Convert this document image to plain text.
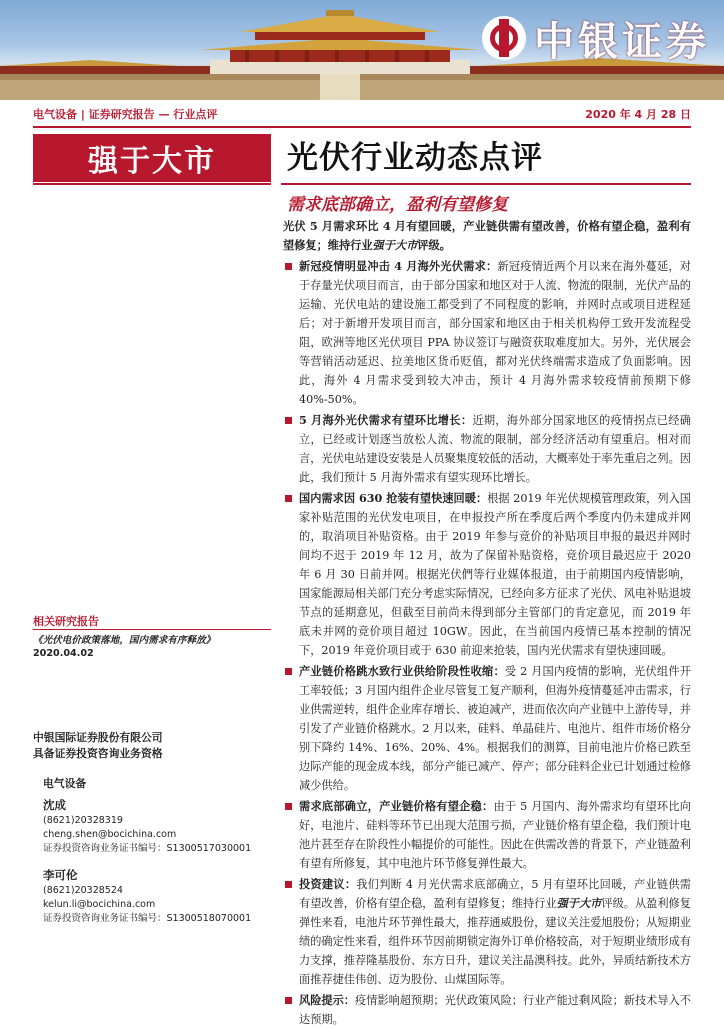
中银证券
电气设备 | 证券研究报告 — 行业点评	2020 年 4 月 28 日
强于大市	光伏行业动态点评
需求底部确立，盈利有望修复

光伏 5 月需求环比 4 月有望回暖，产业链供需有望改善，价格有望企稳，盈利有望修复；维持行业强于大市评级。

新冠疫情明显冲击 4 月海外光伏需求：新冠疫情近两个月以来在海外蔓延，对于存量光伏项目而言，由于部分国家和地区对于人流、物流的限制，光伏产品的运输、光伏电站的建设施工都受到了不同程度的影响，并网时点或项目进程延后；对于新增开发项目而言，部分国家和地区由于相关机构停工致开发流程受阻，欧洲等地区光伏项目 PPA 协议签订与融资获取难度加大。另外，光伏展会等营销活动延迟、拉美地区货币贬值，都对光伏终端需求造成了负面影响。因此，海外 4 月需求受到较大冲击，预计 4 月海外需求较疫情前预期下修 40%-50%。
5 月海外光伏需求有望环比增长：近期，海外部分国家地区的疫情拐点已经确立，已经或计划逐当放松人流、物流的限制，部分经济活动有望重启。相对而言，光伏电站建设安装是人员聚集度较低的活动，大概率处于率先重启之列。因此，我们预计 5 月海外需求有望实现环比增长。
国内需求因 630 抢装有望快速回暖：根据 2019 年光伏规模管理政策，列入国家补贴范围的光伏发电项目，在申报投产所在季度后两个季度内仍未建成并网的，取消项目补贴资格。由于 2019 年参与竞价的补贴项目申报的最迟并网时间均不迟于 2019 年 12 月，故为了保留补贴资格，竞价项目最迟应于 2020 年 6 月 30 日前并网。根据光伏們等行业媒体报道，由于前期国内疫情影响，国家能源局相关部门充分考虑实际情况，已经向多方征求了光伏、风电补贴退坡节点的延期意见，但截至目前尚未得到部分主管部门的肯定意见，而 2019 年底未并网的竞价项目超过 10GW。因此，在当前国内疫情已基本控制的情况下，2019 年竞价项目或于 630 前迎来抢装，国内光伏需求有望快速回暖。
产业链价格跳水致行业供给阶段性收缩：受 2 月国内疫情的影响，光伏组件开工率较低；3 月国内组件企业尽管复工复产顺利，但海外疫情蔓延冲击需求，行业供需逆转，组件企业库存增长、被迫减产，进而依次向产业链中上游传导，并引发了产业链价格跳水。2 月以来，硅料、单晶硅片、电池片、组件市场价格分别下降约 14%、16%、20%、4%。根据我们的测算，目前电池片价格已跌至边际产能的现金成本线，部分产能已减产、停产；部分硅料企业已计划通过检修减少供给。
需求底部确立，产业链价格有望企稳：由于 5 月国内、海外需求均有望环比向好，电池片、硅料等环节已出现大范围亏损，产业链价格有望企稳，我们预计电池片甚至存在阶段性小幅提价的可能性。因此在供需改善的背景下，产业链盈利有望有所修复，其中电池片环节修复弹性最大。
投资建议：我们判断 4 月光伏需求底部确立，5 月有望环比回暖，产业链供需有望改善，价格有望企稳，盈利有望修复；维持行业强于大市评级。从盈利修复弹性来看，电池片环节弹性最大，推荐通威股份，建议关注爱旭股份；从短期业绩的确定性来看，组件环节因前期锁定海外订单价格较高，对于短期业绩形成有力支撑，推荐隆基股份、东方日升，建议关注晶澳科技。此外，异质结新技术方面推荐捷佳伟创、迈为股份、山煤国际等。
风险提示：疫情影响超预期；光伏政策风险；行业产能过剩风险；新技术导入不达预期。
相关研究报告
《光伏电价政策落地，国内需求有序释放》
2020.04.02
中银国际证券股份有限公司
具备证券投资咨询业务资格
电气设备
沈成
(8621)20328319
cheng.shen@bocichina.com
证券投资咨询业务证书编号：S1300517030001
李可伦
(8621)20328524
kelun.li@bocichina.com
证券投资咨询业务证书编号：S1300518070001
